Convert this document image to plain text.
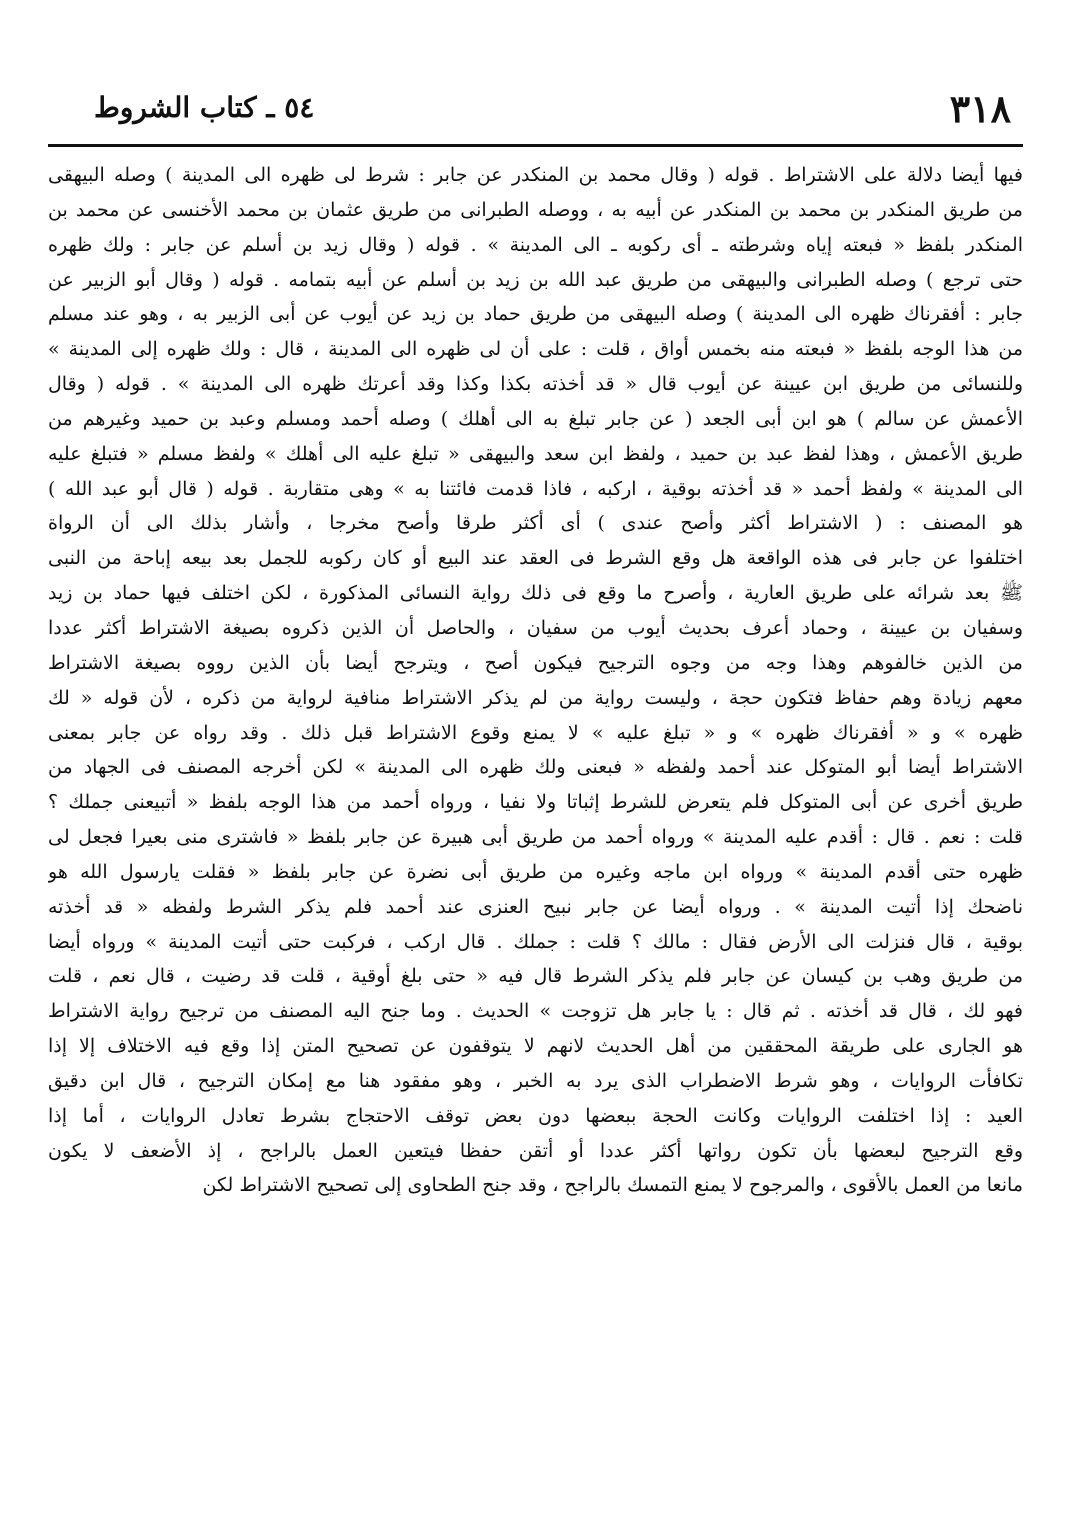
٣١٨
٥٤ ـ كتاب الشروط
فيها أيضا دلالة على الاشتراط . قوله ( وقال محمد بن المنكدر عن جابر : شرط لى ظهره الى المدينة ) وصله البيهقى
من طريق المنكدر بن محمد بن المنكدر عن أبيه به ، ووصله الطبرانى من طريق عثمان بن محمد الأخنسى عن محمد بن
المنكدر بلفظ « فبعته إياه وشرطته ـ أى ركوبه ـ الى المدينة » . قوله ( وقال زيد بن أسلم عن جابر : ولك ظهره
حتى ترجع ) وصله الطبرانى والبيهقى من طريق عبد الله بن زيد بن أسلم عن أبيه بتمامه . قوله ( وقال أبو الزبير عن
جابر : أفقرناك ظهره الى المدينة ) وصله البيهقى من طريق حماد بن زيد عن أيوب عن أبى الزبير به ، وهو عند مسلم
من هذا الوجه بلفظ « فبعته منه بخمس أواق ، قلت : على أن لى ظهره الى المدينة ، قال : ولك ظهره إلى المدينة »
وللنسائى من طريق ابن عيينة عن أيوب قال « قد أخذته بكذا وكذا وقد أعرتك ظهره الى المدينة » . قوله ( وقال
الأعمش عن سالم ) هو ابن أبى الجعد ( عن جابر تبلغ به الى أهلك ) وصله أحمد ومسلم وعبد بن حميد وغيرهم من
طريق الأعمش ، وهذا لفظ عبد بن حميد ، ولفظ ابن سعد والبيهقى « تبلغ عليه الى أهلك » ولفظ مسلم « فتبلغ عليه
الى المدينة » ولفظ أحمد « قد أخذته بوقية ، اركبه ، فاذا قدمت فائتنا به » وهى متقاربة . قوله ( قال أبو عبد الله )
هو المصنف : ( الاشتراط أكثر وأصح عندى ) أى أكثر طرقا وأصح مخرجا ، وأشار بذلك الى أن الرواة
اختلفوا عن جابر فى هذه الواقعة هل وقع الشرط فى العقد عند البيع أو كان ركوبه للجمل بعد بيعه إباحة من النبى
ﷺ بعد شرائه على طريق العارية ، وأصرح ما وقع فى ذلك رواية النسائى المذكورة ، لكن اختلف فيها حماد بن زيد
وسفيان بن عيينة ، وحماد أعرف بحديث أيوب من سفيان ، والحاصل أن الذين ذكروه بصيغة الاشتراط أكثر عددا
من الذين خالفوهم وهذا وجه من وجوه الترجيح فيكون أصح ، ويترجح أيضا بأن الذين رووه بصيغة الاشتراط
معهم زيادة وهم حفاظ فتكون حجة ، وليست رواية من لم يذكر الاشتراط منافية لرواية من ذكره ، لأن قوله « لك
ظهره » و « أفقرناك ظهره » و « تبلغ عليه » لا يمنع وقوع الاشتراط قبل ذلك . وقد رواه عن جابر بمعنى
الاشتراط أيضا أبو المتوكل عند أحمد ولفظه « فبعنى ولك ظهره الى المدينة » لكن أخرجه المصنف فى الجهاد من
طريق أخرى عن أبى المتوكل فلم يتعرض للشرط إثباتا ولا نفيا ، ورواه أحمد من هذا الوجه بلفظ « أتبيعنى جملك ؟
قلت : نعم . قال : أقدم عليه المدينة » ورواه أحمد من طريق أبى هبيرة عن جابر بلفظ « فاشترى منى بعيرا فجعل لى
ظهره حتى أقدم المدينة » ورواه ابن ماجه وغيره من طريق أبى نضرة عن جابر بلفظ « فقلت يارسول الله هو
ناضحك إذا أتيت المدينة » . ورواه أيضا عن جابر نبيح العنزى عند أحمد فلم يذكر الشرط ولفظه « قد أخذته
بوقية ، قال فنزلت الى الأرض فقال : مالك ؟ قلت : جملك . قال اركب ، فركبت حتى أتيت المدينة » ورواه أيضا
من طريق وهب بن كيسان عن جابر فلم يذكر الشرط قال فيه « حتى بلغ أوقية ، قلت قد رضيت ، قال نعم ، قلت
فهو لك ، قال قد أخذته . ثم قال : يا جابر هل تزوجت » الحديث . وما جنح اليه المصنف من ترجيح رواية الاشتراط
هو الجارى على طريقة المحققين من أهل الحديث لانهم لا يتوقفون عن تصحيح المتن إذا وقع فيه الاختلاف إلا إذا
تكافأت الروايات ، وهو شرط الاضطراب الذى يرد به الخبر ، وهو مفقود هنا مع إمكان الترجيح ، قال ابن دقيق
العيد : إذا اختلفت الروايات وكانت الحجة ببعضها دون بعض توقف الاحتجاج بشرط تعادل الروايات ، أما إذا
وقع الترجيح لبعضها بأن تكون رواتها أكثر عددا أو أتقن حفظا فيتعين العمل بالراجح ، إذ الأضعف لا يكون
مانعا من العمل بالأقوى ، والمرجوح لا يمنع التمسك بالراجح ، وقد جنح الطحاوى إلى تصحيح الاشتراط لكن
